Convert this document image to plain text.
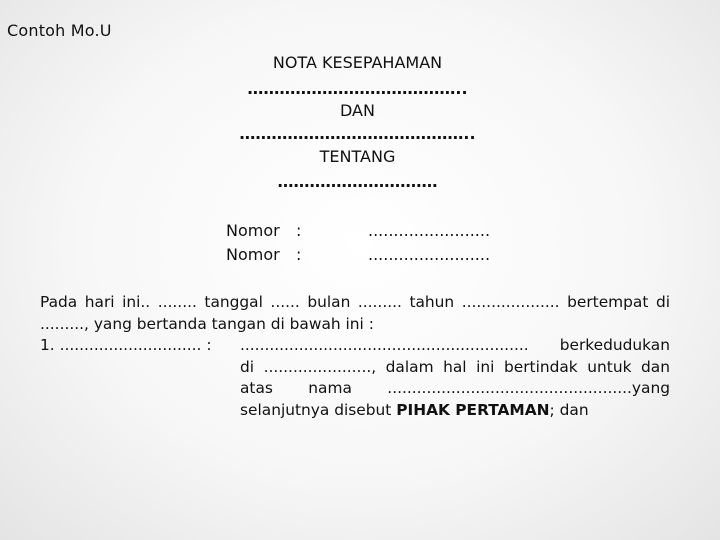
Contoh Mo.U
NOTA KESEPAHAMAN
…………………………………..
DAN
……………………………………..
TENTANG
…………………………
Nomor :	........................
Nomor :	........................
Pada hari ini.. ........ tanggal ...... bulan ......... tahun .................... bertempat di
........., yang bertanda tangan di bawah ini :
1. ............................. : ........................................................... berkedudukan
di ......................, dalam hal ini bertindak untuk dan
atas nama ..................................................yang
selanjutnya disebut PIHAK PERTAMAN; dan
